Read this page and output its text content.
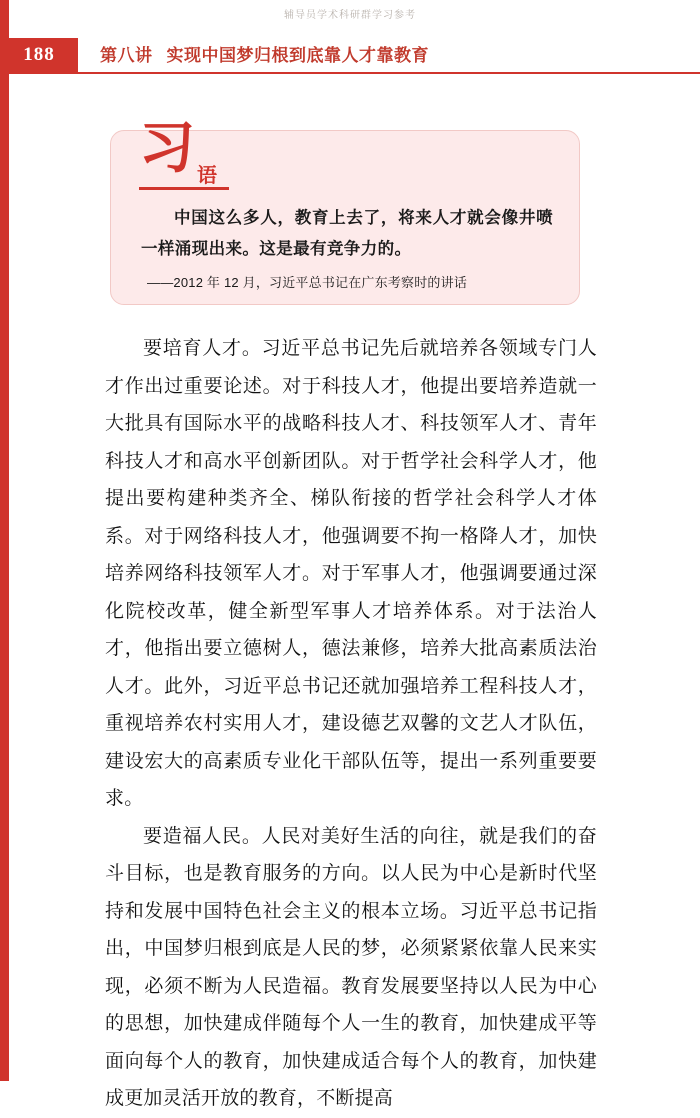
辅导员学术科研群学习参考
188	第八讲 实现中国梦归根到底靠人才靠教育
习 语
中国这么多人，教育上去了，将来人才就会像井喷一样涌现出来。这是最有竞争力的。
——2012 年 12 月，习近平总书记在广东考察时的讲话

要培育人才。习近平总书记先后就培养各领域专门人才作出过重要论述。对于科技人才，他提出要培养造就一大批具有国际水平的战略科技人才、科技领军人才、青年科技人才和高水平创新团队。对于哲学社会科学人才，他提出要构建种类齐全、梯队衔接的哲学社会科学人才体系。对于网络科技人才，他强调要不拘一格降人才，加快培养网络科技领军人才。对于军事人才，他强调要通过深化院校改革，健全新型军事人才培养体系。对于法治人才，他指出要立德树人，德法兼修，培养大批高素质法治人才。此外，习近平总书记还就加强培养工程科技人才，重视培养农村实用人才，建设德艺双馨的文艺人才队伍，建设宏大的高素质专业化干部队伍等，提出一系列重要要求。

要造福人民。人民对美好生活的向往，就是我们的奋斗目标，也是教育服务的方向。以人民为中心是新时代坚持和发展中国特色社会主义的根本立场。习近平总书记指出，中国梦归根到底是人民的梦，必须紧紧依靠人民来实现，必须不断为人民造福。教育发展要坚持以人民为中心的思想，加快建成伴随每个人一生的教育，加快建成平等面向每个人的教育，加快建成适合每个人的教育，加快建成更加灵活开放的教育，不断提高
